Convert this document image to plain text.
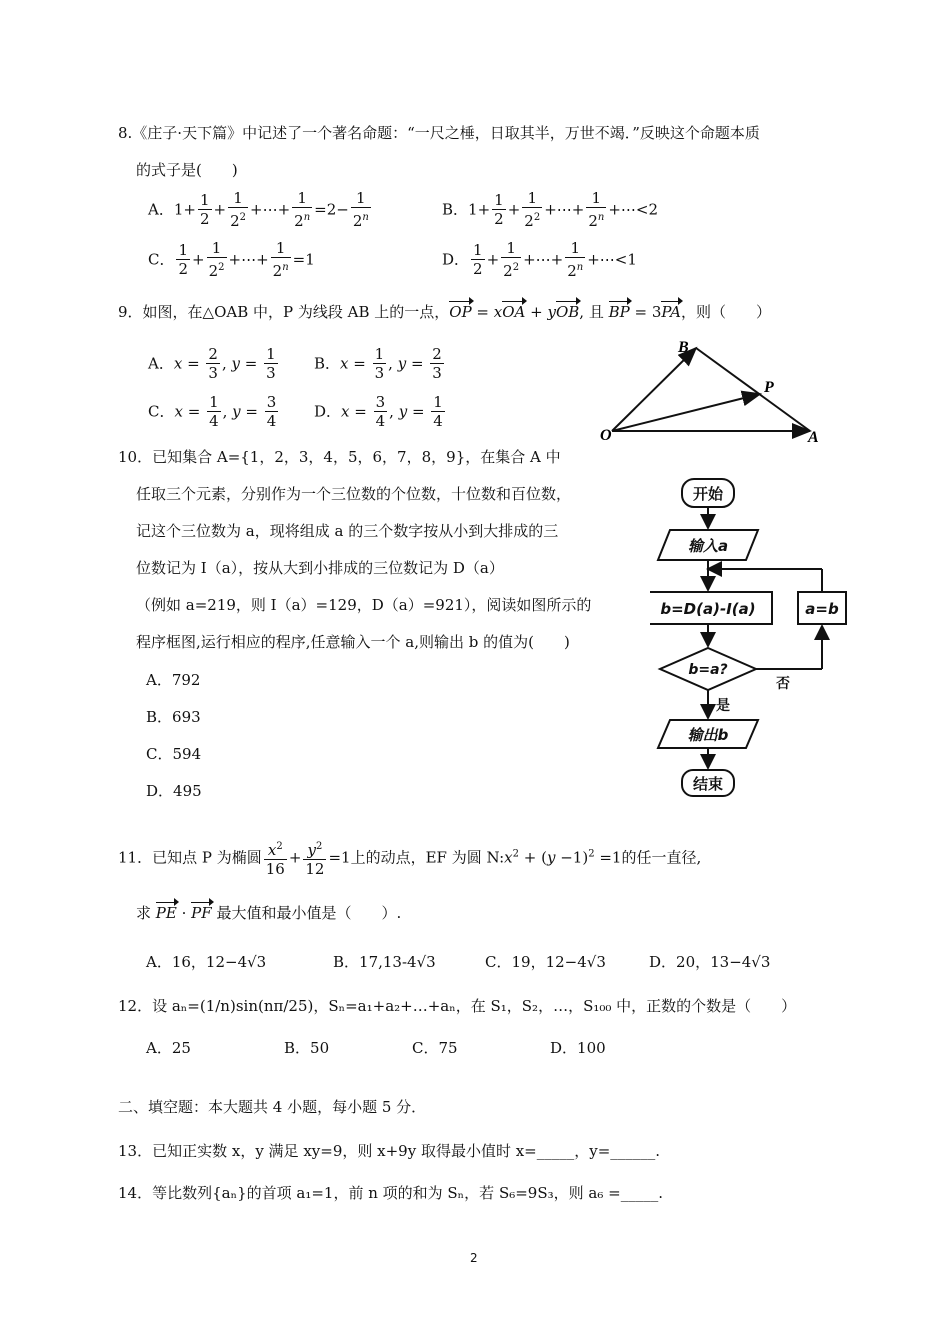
8.《庄子·天下篇》中记述了一个著名命题：“一尺之棰，日取其半，万世不竭．”反映这个命题本质
的式子是(　　)
A．$1+ \frac{1}{2} + \frac{1}{2^2}$ +⋯+ $\frac{1}{2^n} =2- \frac{1}{2^n}$	B．$1+ \frac{1}{2} + \frac{1}{2^2}$ +⋯+ $\frac{1}{2^n}$ +⋯<2
C． $\frac{1}{2} + \frac{1}{2^2}$ +⋯+ $\frac{1}{2^n} =1$	D． $\frac{1}{2} + \frac{1}{2^2}$ +⋯+ $\frac{1}{2^n}$ +⋯<1
9．如图，在△OAB 中，P 为线段 AB 上的一点，OP = xOA + yOB, 且 BP = 3PA，则（　　）
A．$x = \frac{2}{3}$ , $y = \frac{1}{3}$ B．$x = \frac{1}{3}$ , $y = \frac{2}{3}$
C．$x = \frac{1}{4}$ , $y = \frac{3}{4}$ D．$x = \frac{3}{4}$ , $y = \frac{1}{4}$
O	A
B
P
10．已知集合 A={1，2，3，4，5，6，7，8，9}，在集合 A 中
任取三个元素，分别作为一个三位数的个位数，十位数和百位数，
记这个三位数为 a，现将组成 a 的三个数字按从小到大排成的三
位数记为 I（a），按从大到小排成的三位数记为 D（a）
（例如 a=219，则 I（a）=129，D（a）=921），阅读如图所示的
程序框图,运行相应的程序,任意输入一个 a,则输出 b 的值为(　　)
A．792
B．693
C．594
D．495
开始
输入a
b=D(a)-I(a)	a=b
b=a?
否
是
输出b
结束
11．已知点 P 为椭圆 $\frac{x^2}{16} + \frac{y^2}{12} =1$上的动点，EF 为圆 $N:x^2 + (y -1)^2 =1$的任一直径,
求 PE · PF 最大值和最小值是（　　）.
A．16，12−4√3	B．17,13-4√3	C．19，12−4√3	D．20，13−4√3
12．设 aₙ=(1/n)sin(nπ/25)，Sₙ=a₁+a₂+…+aₙ，在 S₁，S₂，…，S₁₀₀ 中，正数的个数是（　　）
A．25	B．50	C．75	D．100
二、填空题：本大题共 4 小题，每小题 5 分．
13．已知正实数 x，y 满足 xy=9，则 x+9y 取得最小值时 x=_____，y=______.
14．等比数列{aₙ}的首项 a₁=1，前 n 项的和为 Sₙ，若 S₆=9S₃，则 a₆ =_____.
2
